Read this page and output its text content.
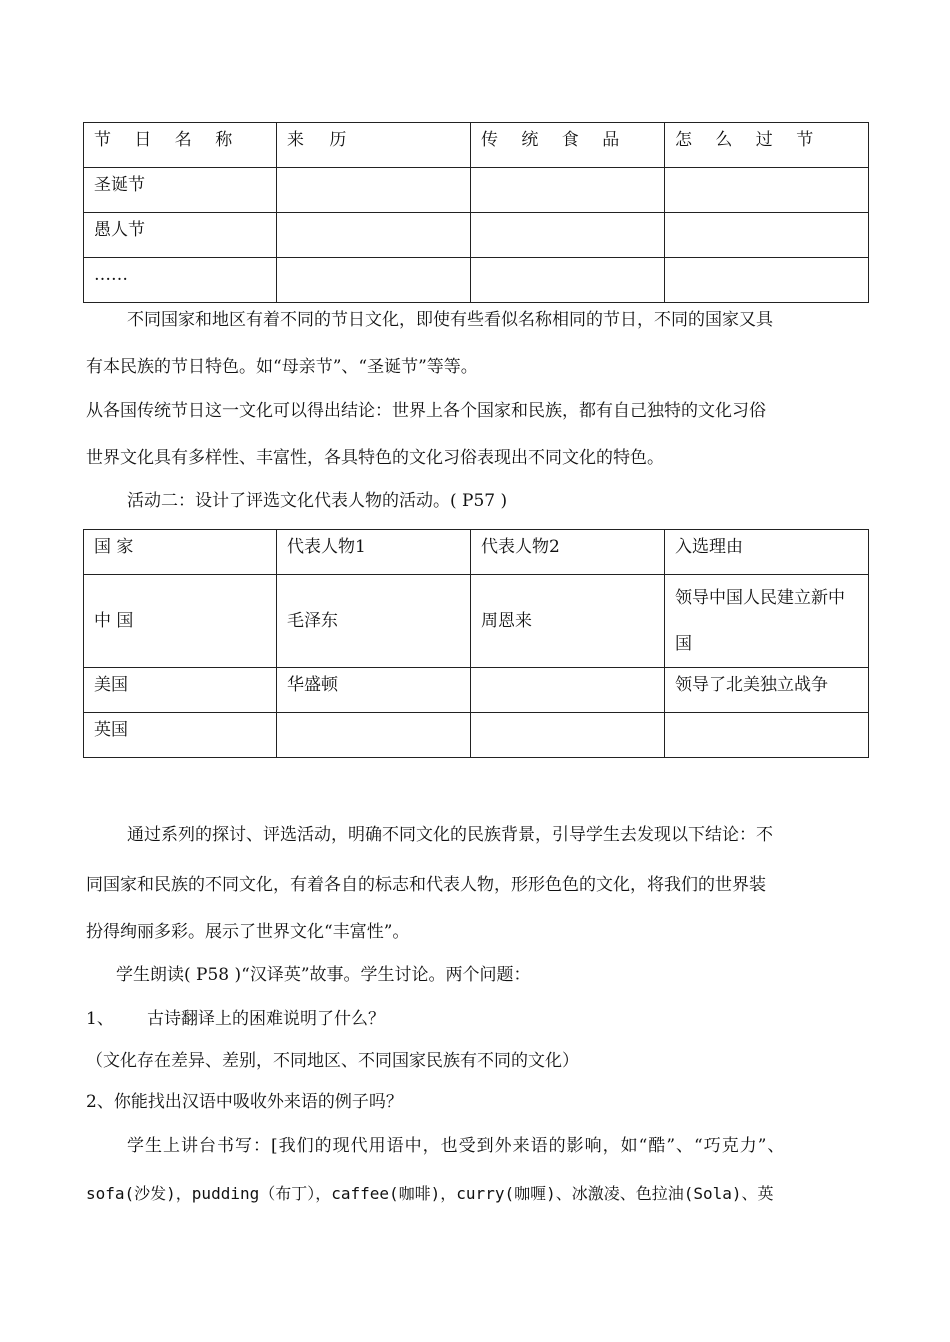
节 日 名 称	来 历	传 统 食 品	怎 么 过 节
圣诞节			
愚人节			
……			
不同国家和地区有着不同的节日文化，即使有些看似名称相同的节日，不同的国家又具
有本民族的节日特色。如“母亲节”、“圣诞节”等等。
从各国传统节日这一文化可以得出结论：世界上各个国家和民族，都有自己独特的文化习俗
世界文化具有多样性、丰富性，各具特色的文化习俗表现出不同文化的特色。
活动二：设计了评选文化代表人物的活动。( P57 )
国 家	代表人物1	代表人物2	入选理由
中 国	毛泽东	周恩来	领导中国人民建立新中国
美国	华盛顿		领导了北美独立战争
英国			
通过系列的探讨、评选活动，明确不同文化的民族背景，引导学生去发现以下结论：不
同国家和民族的不同文化，有着各自的标志和代表人物，形形色色的文化，将我们的世界装
扮得绚丽多彩。展示了世界文化“丰富性”。
学生朗读( P58 )“汉译英”故事。学生讨论。两个问题：
1、 古诗翻译上的困难说明了什么？
（文化存在差异、差别，不同地区、不同国家民族有不同的文化）
2、你能找出汉语中吸收外来语的例子吗？
学生上讲台书写：[我们的现代用语中，也受到外来语的影响，如“酷”、“巧克力”、
sofa(沙发)，pudding（布丁），caffee(咖啡)，curry(咖喱)、冰激凌、色拉油(Sola)、英
